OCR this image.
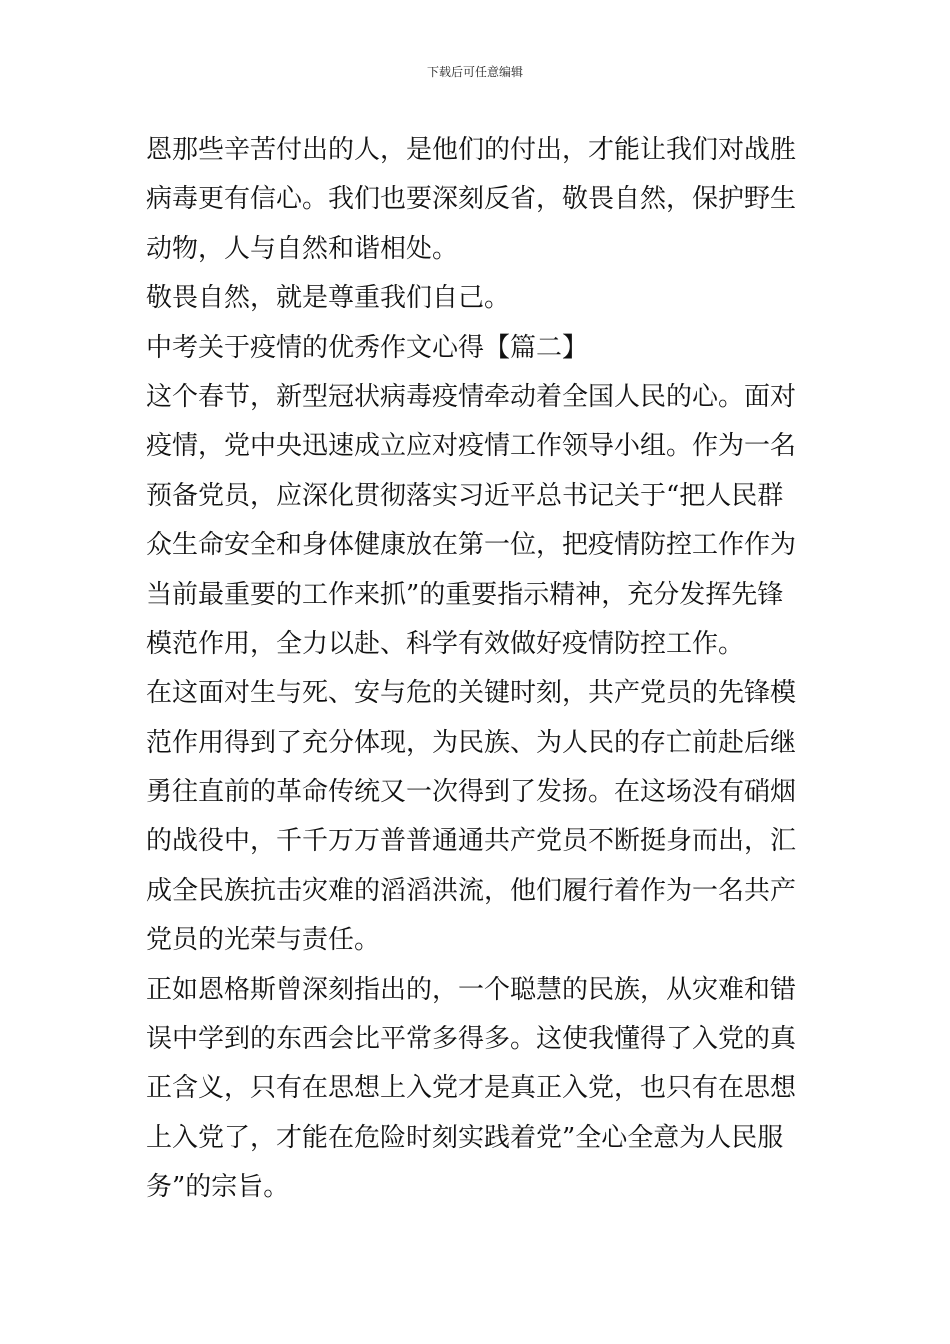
下载后可任意编辑
恩那些辛苦付出的人，是他们的付出，才能让我们对战胜
病毒更有信心。我们也要深刻反省，敬畏自然，保护野生
动物，人与自然和谐相处。
敬畏自然，就是尊重我们自己。
中考关于疫情的优秀作文心得【篇二】
这个春节，新型冠状病毒疫情牵动着全国人民的心。面对
疫情，党中央迅速成立应对疫情工作领导小组。作为一名
预备党员，应深化贯彻落实习近平总书记关于“把人民群
众生命安全和身体健康放在第一位，把疫情防控工作作为
当前最重要的工作来抓”的重要指示精神，充分发挥先锋
模范作用，全力以赴、科学有效做好疫情防控工作。
在这面对生与死、安与危的关键时刻，共产党员的先锋模
范作用得到了充分体现，为民族、为人民的存亡前赴后继
勇往直前的革命传统又一次得到了发扬。在这场没有硝烟
的战役中，千千万万普普通通共产党员不断挺身而出，汇
成全民族抗击灾难的滔滔洪流，他们履行着作为一名共产
党员的光荣与责任。
正如恩格斯曾深刻指出的，一个聪慧的民族，从灾难和错
误中学到的东西会比平常多得多。这使我懂得了入党的真
正含义，只有在思想上入党才是真正入党，也只有在思想
上入党了，才能在危险时刻实践着党”全心全意为人民服
务”的宗旨。
